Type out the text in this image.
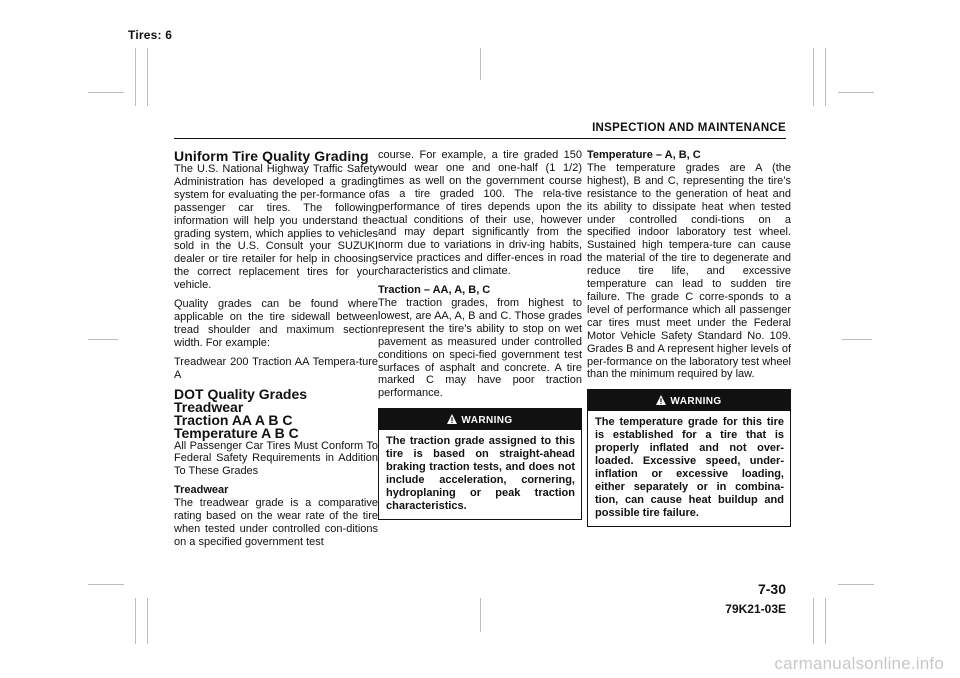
Tires: 6
INSPECTION AND MAINTENANCE
Uniform Tire Quality Grading

The U.S. National Highway Traffic Safety Administration has developed a grading system for evaluating the per-formance of passenger car tires. The following information will help you understand the grading system, which applies to vehicles sold in the U.S. Consult your SUZUKI dealer or tire retailer for help in choosing the correct replacement tires for your vehicle.

Quality grades can be found where applicable on the tire sidewall between tread shoulder and maximum section width. For example:

Treadwear 200 Traction AA Tempera-ture A

DOT Quality Grades
Treadwear
Traction AA A B C
Temperature A B C

All Passenger Car Tires Must Conform To Federal Safety Requirements in Addition To These Grades

Treadwear
The treadwear grade is a comparative rating based on the wear rate of the tire when tested under controlled con-ditions on a specified government test

course. For example, a tire graded 150 would wear one and one-half (1 1/2) times as well on the government course as a tire graded 100. The rela-tive performance of tires depends upon the actual conditions of their use, however and may depart significantly from the norm due to variations in driv-ing habits, service practices and differ-ences in road characteristics and climate.

Traction – AA, A, B, C
The traction grades, from highest to lowest, are AA, A, B and C. Those grades represent the tire’s ability to stop on wet pavement as measured under controlled conditions on speci-fied government test surfaces of asphalt and concrete. A tire marked C may have poor traction performance.

WARNING
The traction grade assigned to this tire is based on straight-ahead braking traction tests, and does not include acceleration, cornering, hydroplaning or peak traction characteristics.

Temperature – A, B, C
The temperature grades are A (the highest), B and C, representing the tire’s resistance to the generation of heat and its ability to dissipate heat when tested under controlled condi-tions on a specified indoor laboratory test wheel. Sustained high tempera-ture can cause the material of the tire to degenerate and reduce tire life, and excessive temperature can lead to sudden tire failure. The grade C corre-sponds to a level of performance which all passenger car tires must meet under the Federal Motor Vehicle Safety Standard No. 109. Grades B and A represent higher levels of per-formance on the laboratory test wheel than the minimum required by law.

WARNING
The temperature grade for this tire is established for a tire that is properly inflated and not over-loaded. Excessive speed, under-inflation or excessive loading, either separately or in combina-tion, can cause heat buildup and possible tire failure.
7-30
79K21-03E
carmanualsonline.info
